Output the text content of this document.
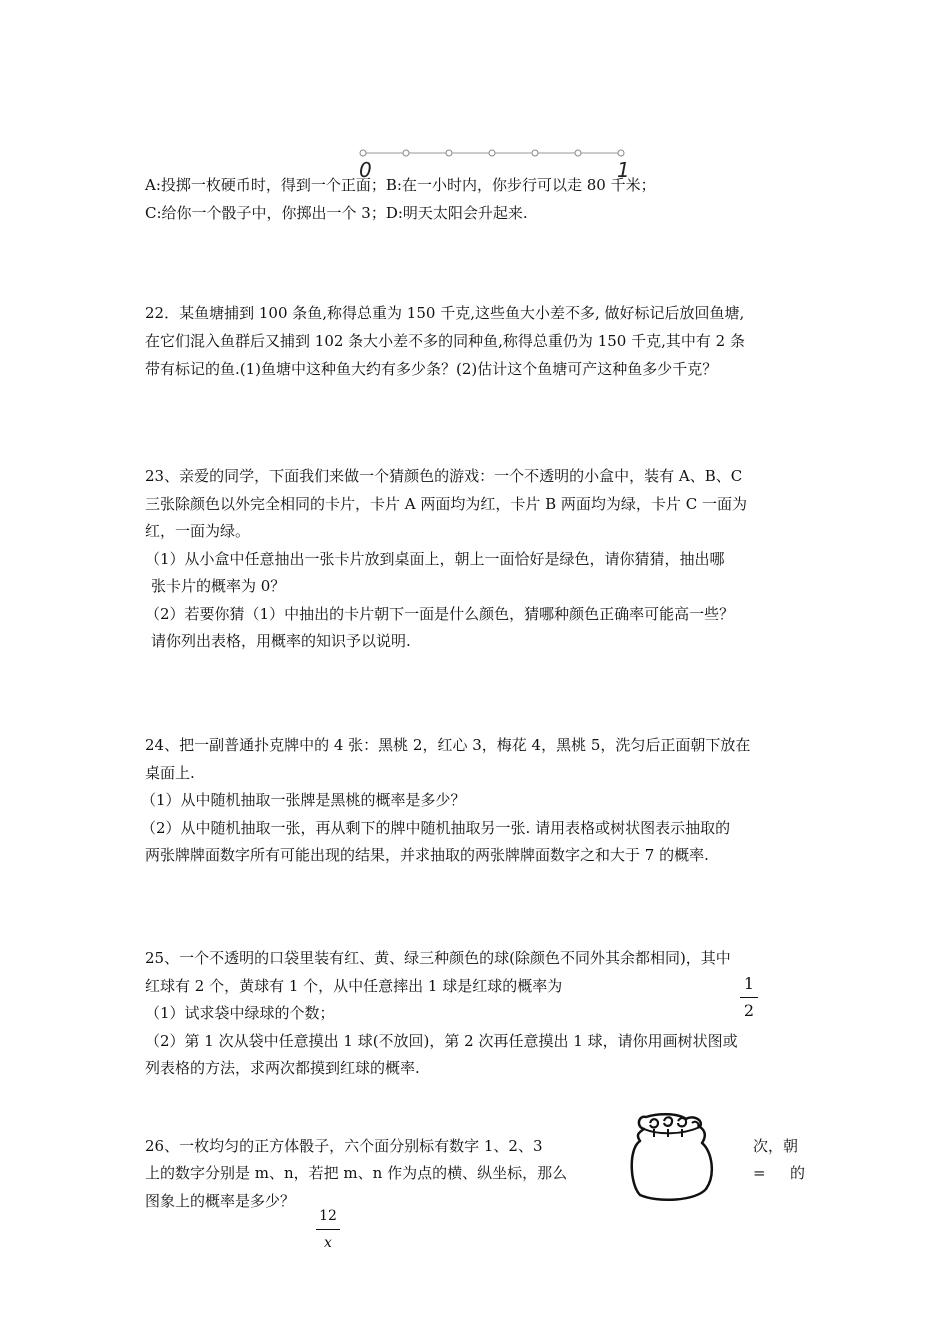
0	1
A:投掷一枚硬币时，得到一个正面；B:在一小时内，你步行可以走 80 千米；
C:给你一个骰子中，你掷出一个 3；D:明天太阳会升起来.
22．某鱼塘捕到 100 条鱼,称得总重为 150 千克,这些鱼大小差不多, 做好标记后放回鱼塘,
在它们混入鱼群后又捕到 102 条大小差不多的同种鱼,称得总重仍为 150 千克,其中有 2 条
带有标记的鱼.(1)鱼塘中这种鱼大约有多少条？(2)估计这个鱼塘可产这种鱼多少千克？
23、亲爱的同学，下面我们来做一个猜颜色的游戏：一个不透明的小盒中，装有 A、B、C
三张除颜色以外完全相同的卡片，卡片 A 两面均为红，卡片 B 两面均为绿，卡片 C 一面为
红，一面为绿。
（1）从小盒中任意抽出一张卡片放到桌面上，朝上一面恰好是绿色，请你猜猜，抽出哪
张卡片的概率为 0？
（2）若要你猜（1）中抽出的卡片朝下一面是什么颜色，猜哪种颜色正确率可能高一些？
请你列出表格，用概率的知识予以说明.
24、把一副普通扑克牌中的 4 张：黑桃 2，红心 3，梅花 4，黑桃 5，洗匀后正面朝下放在
桌面上.
（1）从中随机抽取一张牌是黑桃的概率是多少？
（2）从中随机抽取一张，再从剩下的牌中随机抽取另一张. 请用表格或树状图表示抽取的
两张牌牌面数字所有可能出现的结果，并求抽取的两张牌牌面数字之和大于 7 的概率.
25、一个不透明的口袋里装有红、黄、绿三种颜色的球(除颜色不同外其余都相同)，其中
红球有 2 个，黄球有 1 个，从中任意摔出 1 球是红球的概率为	1
2
（1）试求袋中绿球的个数；
（2）第 1 次从袋中任意摸出 1 球(不放回)，第 2 次再任意摸出 1 球，请你用画树状图或
列表格的方法，求两次都摸到红球的概率.
26、一枚均匀的正方体骰子，六个面分别标有数字 1、2、3	次，朝
上的数字分别是 m、n，若把 m、n 作为点的横、纵坐标，那么	= 的
图象上的概率是多少？
12
x
